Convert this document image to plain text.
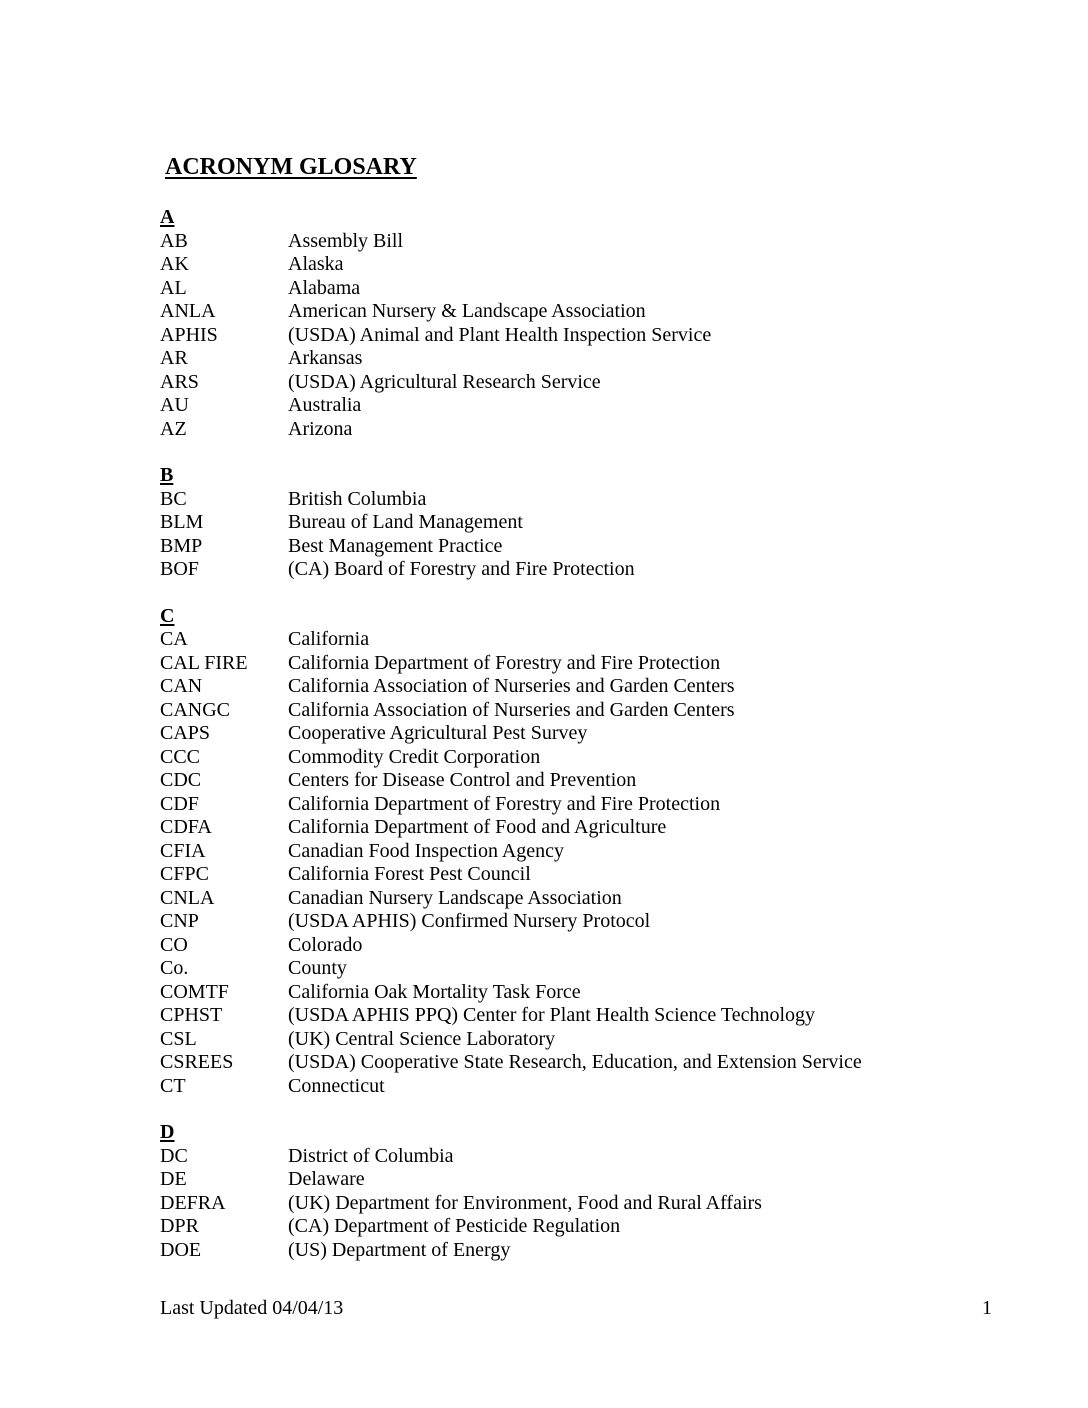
ACRONYM GLOSARY
A
AB	Assembly Bill
AK	Alaska
AL	Alabama
ANLA	American Nursery & Landscape Association
APHIS	(USDA) Animal and Plant Health Inspection Service
AR	Arkansas
ARS	(USDA) Agricultural Research Service
AU	Australia
AZ	Arizona
B
BC	British Columbia
BLM	Bureau of Land Management
BMP	Best Management Practice
BOF	(CA) Board of Forestry and Fire Protection
C
CA	California
CAL FIRE	California Department of Forestry and Fire Protection
CAN	California Association of Nurseries and Garden Centers
CANGC	California Association of Nurseries and Garden Centers
CAPS	Cooperative Agricultural Pest Survey
CCC	Commodity Credit Corporation
CDC	Centers for Disease Control and Prevention
CDF	California Department of Forestry and Fire Protection
CDFA	California Department of Food and Agriculture
CFIA	Canadian Food Inspection Agency
CFPC	California Forest Pest Council
CNLA	Canadian Nursery Landscape Association
CNP	(USDA APHIS) Confirmed Nursery Protocol
CO	Colorado
Co.	County
COMTF	California Oak Mortality Task Force
CPHST	(USDA APHIS PPQ) Center for Plant Health Science Technology
CSL	(UK) Central Science Laboratory
CSREES	(USDA) Cooperative State Research, Education, and Extension Service
CT	Connecticut
D
DC	District of Columbia
DE	Delaware
DEFRA	(UK) Department for Environment, Food and Rural Affairs
DPR	(CA) Department of Pesticide Regulation
DOE	(US) Department of Energy
Last Updated 04/04/13	1
